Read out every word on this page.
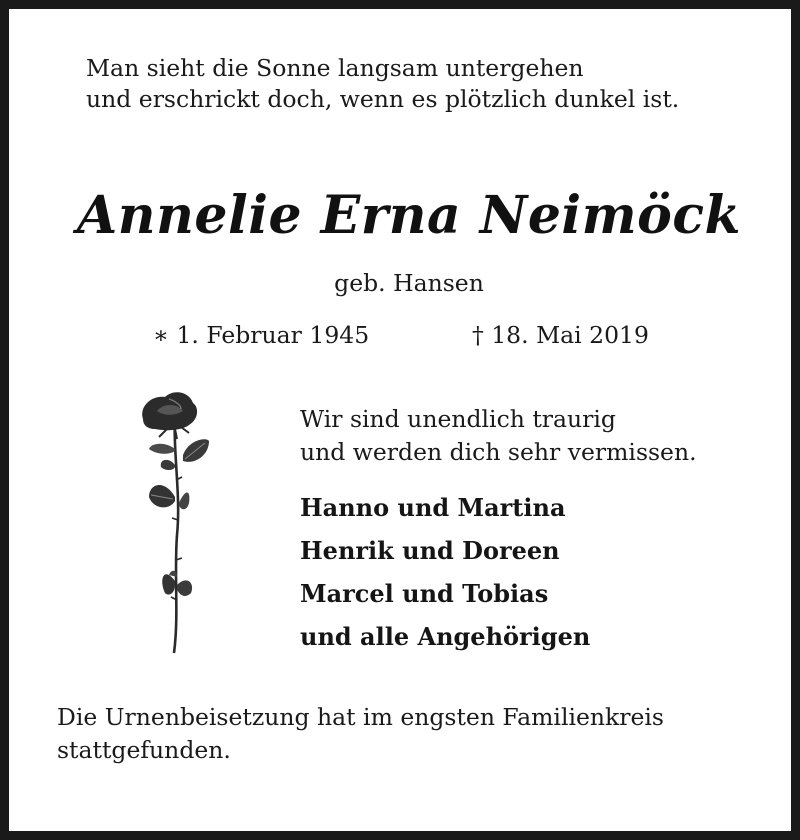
Man sieht die Sonne langsam untergehen
und erschrickt doch, wenn es plötzlich dunkel ist.
Annelie Erna Neimöck
geb. Hansen
∗ 1. Februar 1945	† 18. Mai 2019
Wir sind unendlich traurig
und werden dich sehr vermissen.
Hanno und Martina
Henrik und Doreen
Marcel und Tobias
und alle Angehörigen
Die Urnenbeisetzung hat im engsten Familienkreis
stattgefunden.
